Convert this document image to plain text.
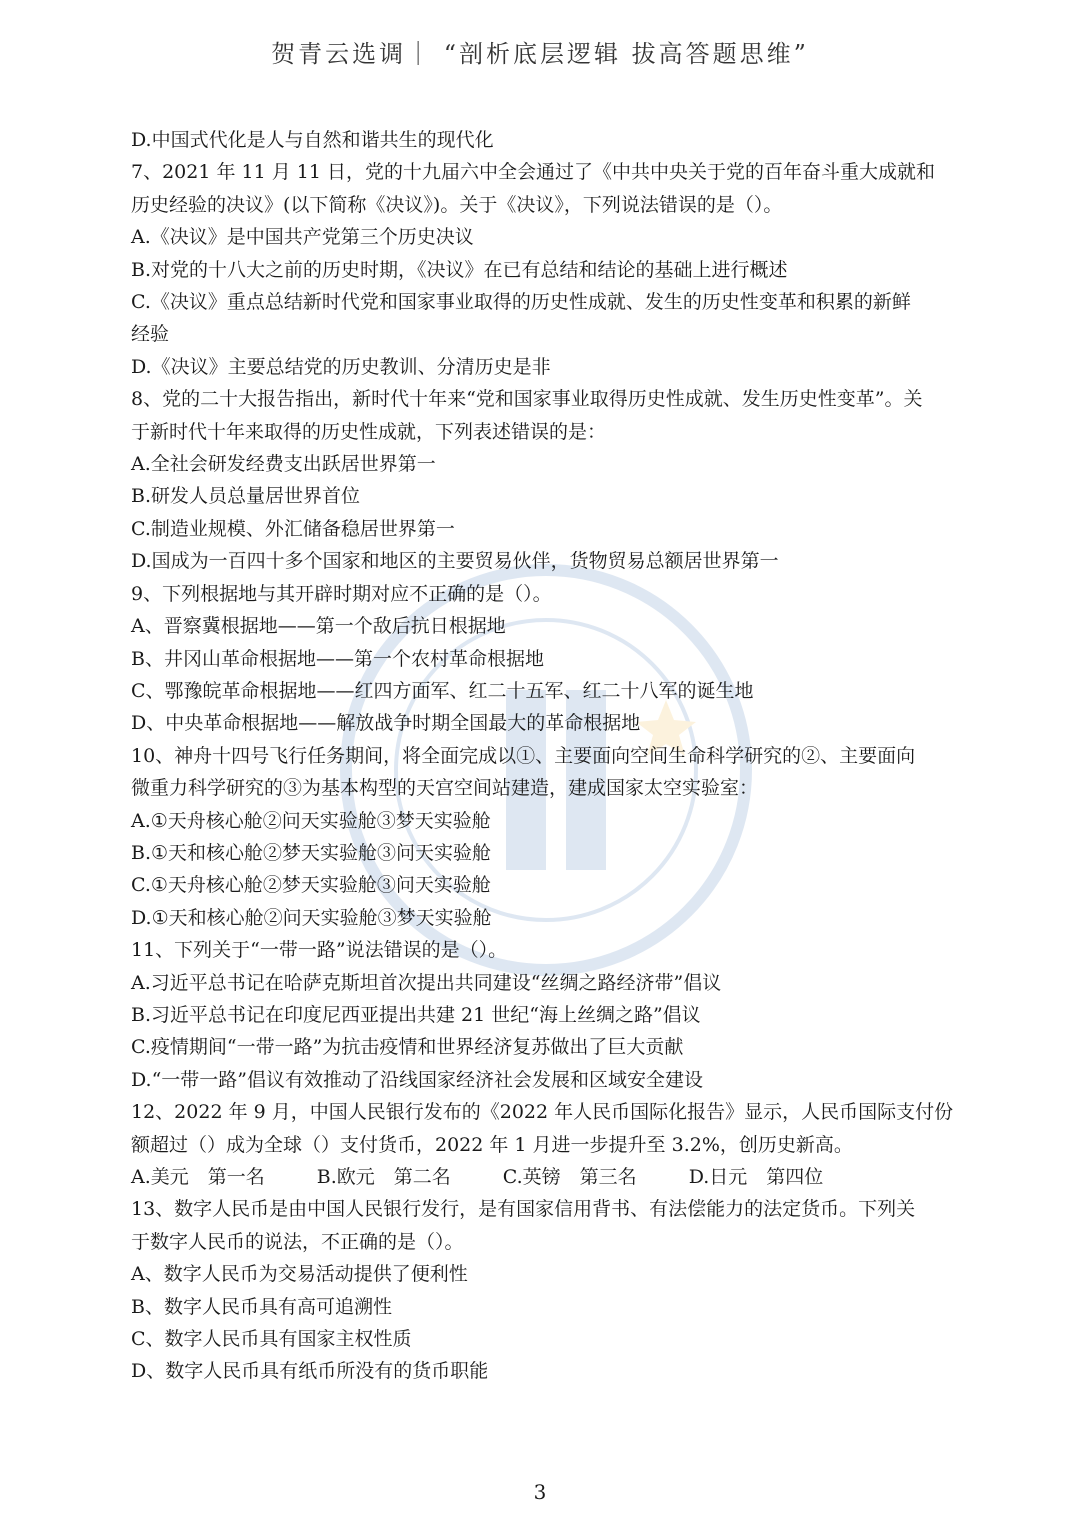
贺青云选调｜ “剖析底层逻辑 拔高答题思维”
D.中国式代化是人与自然和谐共生的现代化
7、2021 年 11 月 11 日，党的十九届六中全会通过了《中共中央关于党的百年奋斗重大成就和
历史经验的决议》(以下简称《决议》)。关于《决议》，下列说法错误的是（）。
A.《决议》是中国共产党第三个历史决议
B.对党的十八大之前的历史时期，《决议》在已有总结和结论的基础上进行概述
C.《决议》重点总结新时代党和国家事业取得的历史性成就、发生的历史性变革和积累的新鲜
经验
D.《决议》主要总结党的历史教训、分清历史是非
8、党的二十大报告指出，新时代十年来“党和国家事业取得历史性成就、发生历史性变革”。关
于新时代十年来取得的历史性成就，下列表述错误的是：
A.全社会研发经费支出跃居世界第一
B.研发人员总量居世界首位
C.制造业规模、外汇储备稳居世界第一
D.国成为一百四十多个国家和地区的主要贸易伙伴，货物贸易总额居世界第一
9、下列根据地与其开辟时期对应不正确的是（）。
A、晋察冀根据地——第一个敌后抗日根据地
B、井冈山革命根据地——第一个农村革命根据地
C、鄂豫皖革命根据地——红四方面军、红二十五军、红二十八军的诞生地
D、中央革命根据地——解放战争时期全国最大的革命根据地
10、神舟十四号飞行任务期间，将全面完成以①、主要面向空间生命科学研究的②、主要面向
微重力科学研究的③为基本构型的天宫空间站建造，建成国家太空实验室：
A.①天舟核心舱②问天实验舱③梦天实验舱
B.①天和核心舱②梦天实验舱③问天实验舱
C.①天舟核心舱②梦天实验舱③问天实验舱
D.①天和核心舱②问天实验舱③梦天实验舱
11、下列关于“一带一路”说法错误的是（）。
A.习近平总书记在哈萨克斯坦首次提出共同建设“丝绸之路经济带”倡议
B.习近平总书记在印度尼西亚提出共建 21 世纪“海上丝绸之路”倡议
C.疫情期间“一带一路”为抗击疫情和世界经济复苏做出了巨大贡献
D.“一带一路”倡议有效推动了沿线国家经济社会发展和区域安全建设
12、2022 年 9 月，中国人民银行发布的《2022 年人民币国际化报告》显示，人民币国际支付份
额超过（）成为全球（）支付货币，2022 年 1 月进一步提升至 3.2%，创历史新高。
A.美元　第一名	B.欧元　第二名	C.英镑　第三名	D.日元　第四位
13、数字人民币是由中国人民银行发行，是有国家信用背书、有法偿能力的法定货币。下列关
于数字人民币的说法，不正确的是（）。
A、数字人民币为交易活动提供了便利性
B、数字人民币具有高可追溯性
C、数字人民币具有国家主权性质
D、数字人民币具有纸币所没有的货币职能
3
